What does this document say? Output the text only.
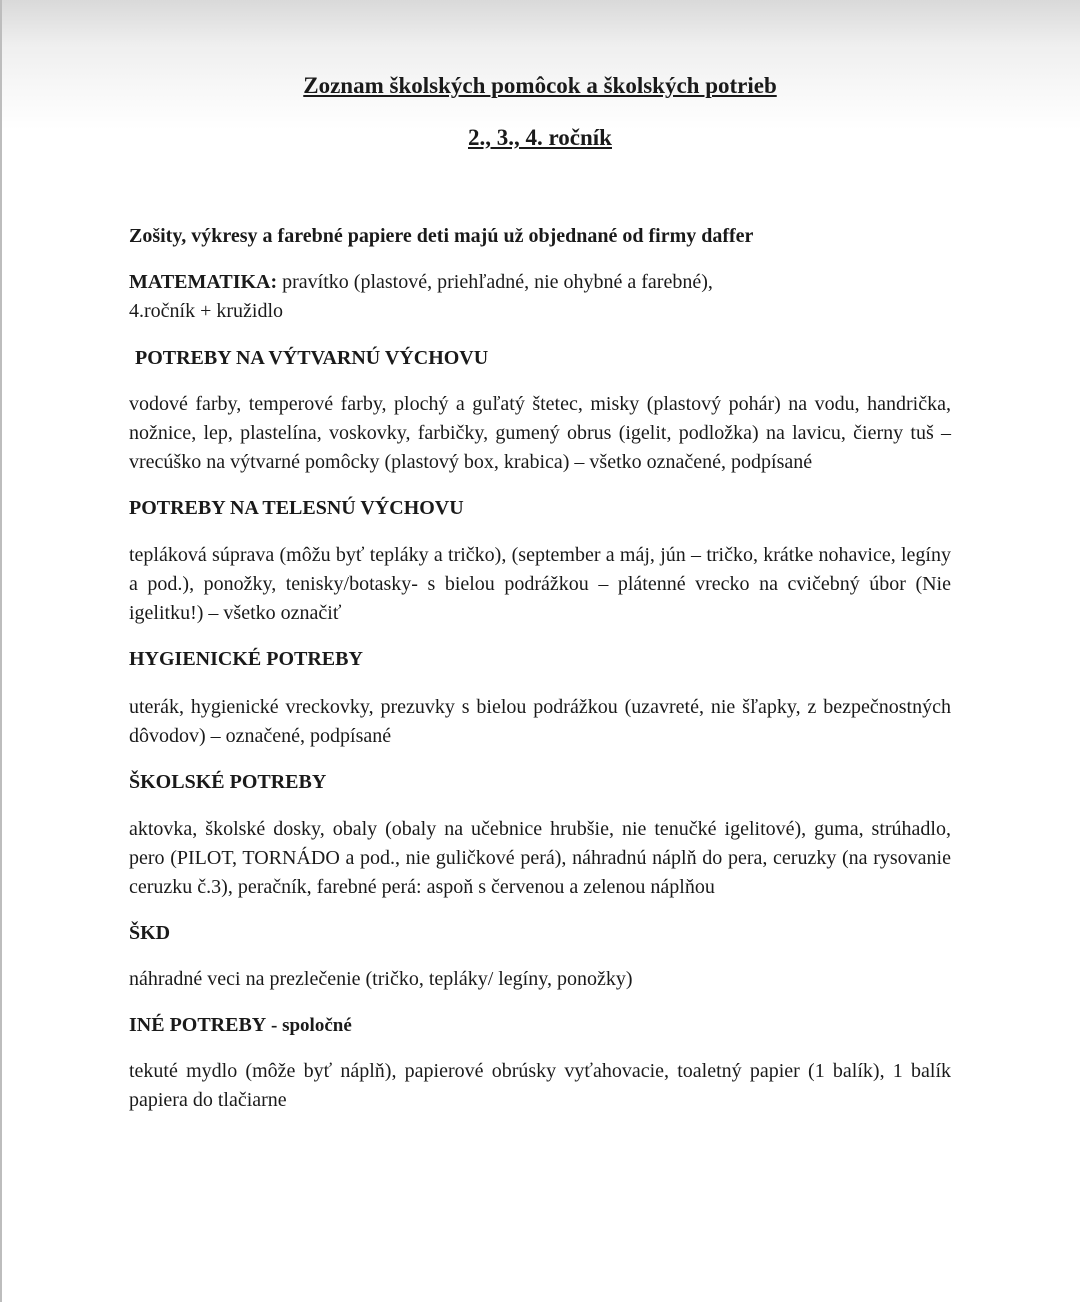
Zoznam školských pomôcok a školských potrieb
2., 3., 4. ročník

Zošity, výkresy a farebné papiere deti majú už objednané od firmy daffer

MATEMATIKA: pravítko (plastové, priehľadné, nie ohybné a farebné),
4.ročník + kružidlo

POTREBY NA VÝTVARNÚ VÝCHOVU

vodové farby, temperové farby, plochý a guľatý štetec, misky (plastový pohár) na vodu, handrička, nožnice, lep, plastelína, voskovky, farbičky, gumený obrus (igelit, podložka) na lavicu, čierny tuš – vrecúško na výtvarné pomôcky (plastový box, krabica) – všetko označené, podpísané

POTREBY NA TELESNÚ VÝCHOVU

tepláková súprava (môžu byť tepláky a tričko), (september a máj, jún – tričko, krátke nohavice, legíny a pod.), ponožky, tenisky/botasky- s bielou podrážkou – plátenné vrecko na cvičebný úbor (Nie igelitku!) – všetko označiť

HYGIENICKÉ POTREBY

uterák, hygienické vreckovky, prezuvky s bielou podrážkou (uzavreté, nie šľapky, z bezpečnostných dôvodov) – označené, podpísané

ŠKOLSKÉ POTREBY

aktovka, školské dosky, obaly (obaly na učebnice hrubšie, nie tenučké igelitové), guma, strúhadlo, pero (PILOT, TORNÁDO a pod., nie guličkové perá), náhradnú náplň do pera, ceruzky (na rysovanie ceruzku č.3), peračník, farebné perá: aspoň s červenou a zelenou náplňou

ŠKD

náhradné veci na prezlečenie (tričko, tepláky/ legíny, ponožky)

INÉ POTREBY - spoločné

tekuté mydlo (môže byť náplň), papierové obrúsky vyťahovacie, toaletný papier (1 balík), 1 balík papiera do tlačiarne
